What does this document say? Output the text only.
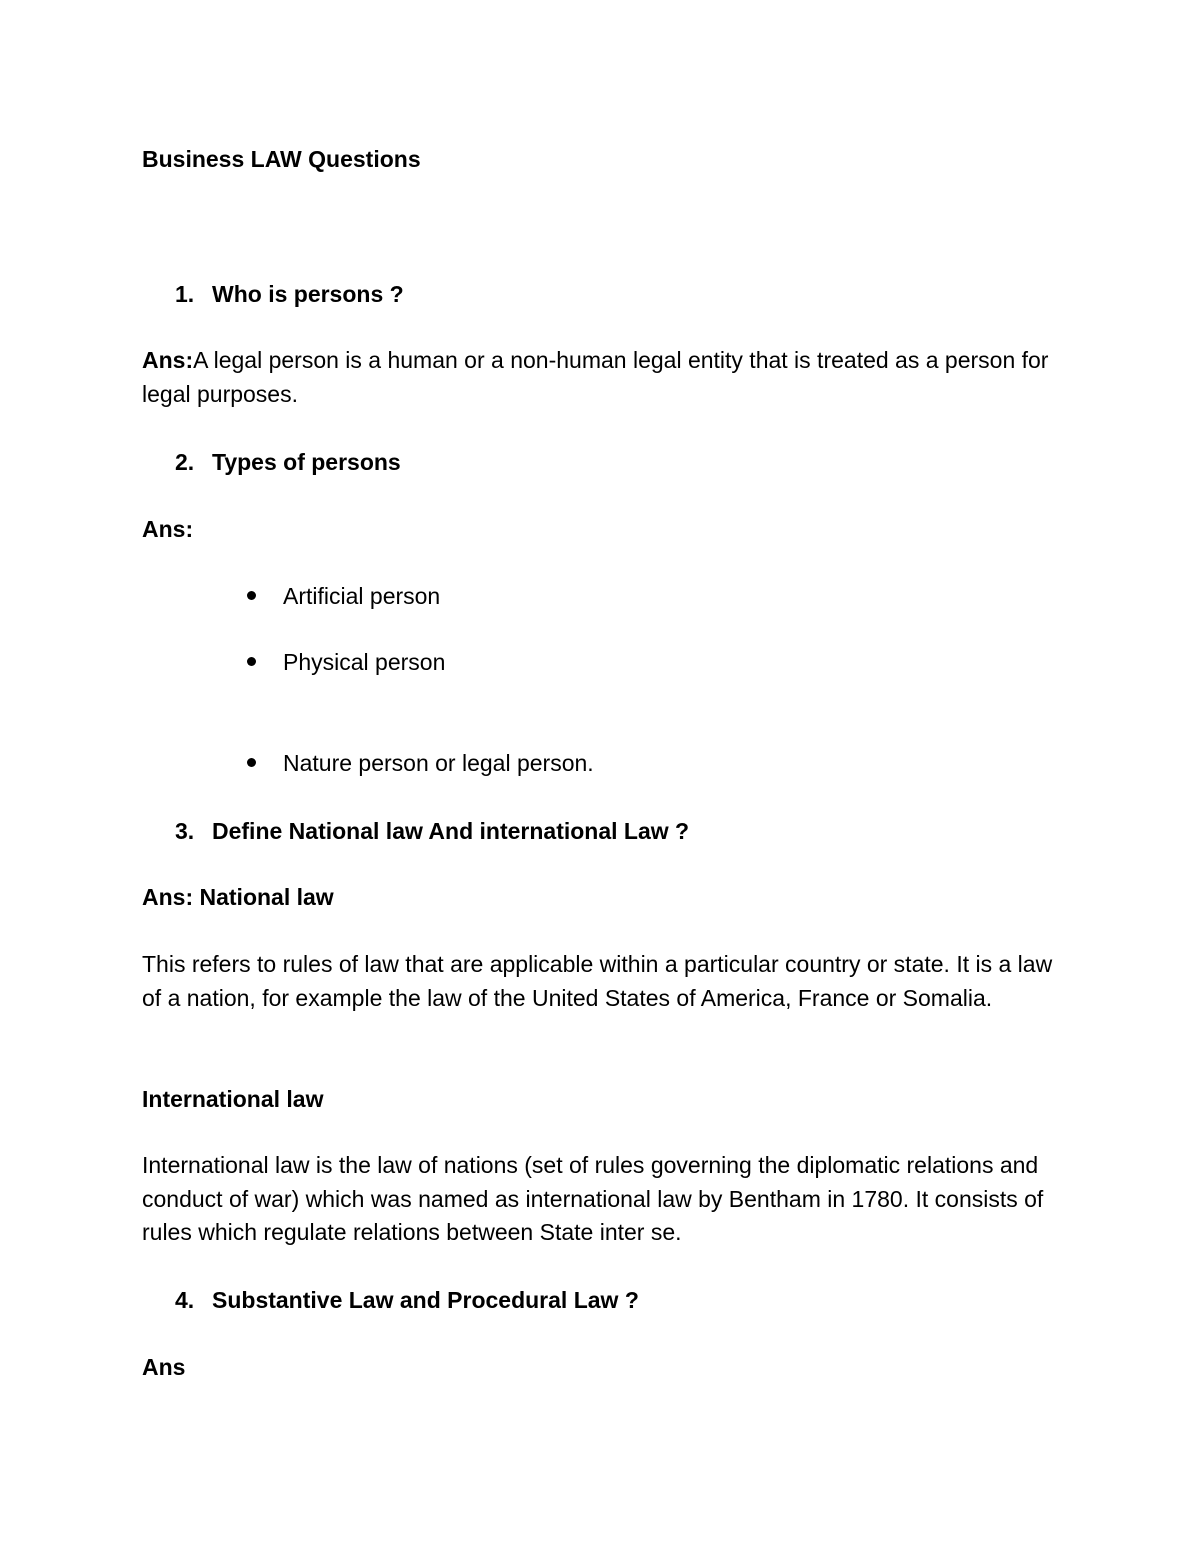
Business LAW Questions

1. Who is persons ?

Ans:A legal person is a human or a non-human legal entity that is treated as a person for legal purposes.

2. Types of persons

Ans:

Artificial person

Physical person

Nature person or legal person.

3. Define National law And international Law ?

Ans: National law

This refers to rules of law that are applicable within a particular country or state. It is a law of a nation, for example the law of the United States of America, France or Somalia.

International law

International law is the law of nations (set of rules governing the diplomatic relations and conduct of war) which was named as international law by Bentham in 1780. It consists of rules which regulate relations between State inter se.

4. Substantive Law and Procedural Law ?

Ans
